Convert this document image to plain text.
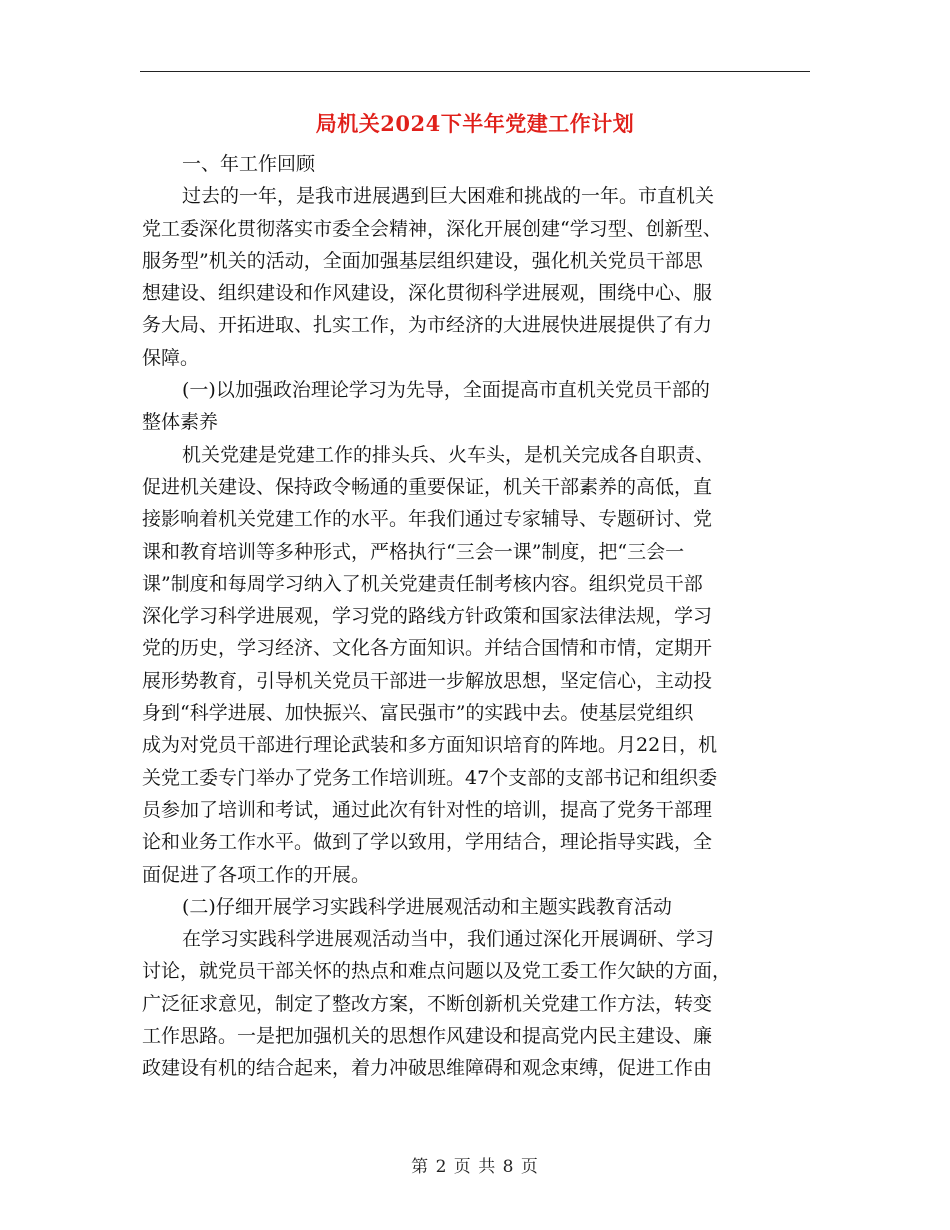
局机关2024下半年党建工作计划
一、年工作回顾
过去的一年，是我市进展遇到巨大困难和挑战的一年。市直机关
党工委深化贯彻落实市委全会精神，深化开展创建“学习型、创新型、
服务型”机关的活动，全面加强基层组织建设，强化机关党员干部思
想建设、组织建设和作风建设，深化贯彻科学进展观，围绕中心、服
务大局、开拓进取、扎实工作，为市经济的大进展快进展提供了有力
保障。
(一)以加强政治理论学习为先导，全面提高市直机关党员干部的
整体素养
机关党建是党建工作的排头兵、火车头，是机关完成各自职责、
促进机关建设、保持政令畅通的重要保证，机关干部素养的高低，直
接影响着机关党建工作的水平。年我们通过专家辅导、专题研讨、党
课和教育培训等多种形式，严格执行“三会一课”制度，把“三会一
课”制度和每周学习纳入了机关党建责任制考核内容。组织党员干部
深化学习科学进展观，学习党的路线方针政策和国家法律法规，学习
党的历史，学习经济、文化各方面知识。并结合国情和市情，定期开
展形势教育，引导机关党员干部进一步解放思想，坚定信心，主动投
身到“科学进展、加快振兴、富民强市”的实践中去。使基层党组织
成为对党员干部进行理论武装和多方面知识培育的阵地。月22日，机
关党工委专门举办了党务工作培训班。47个支部的支部书记和组织委
员参加了培训和考试，通过此次有针对性的培训，提高了党务干部理
论和业务工作水平。做到了学以致用，学用结合，理论指导实践，全
面促进了各项工作的开展。
(二)仔细开展学习实践科学进展观活动和主题实践教育活动
在学习实践科学进展观活动当中，我们通过深化开展调研、学习
讨论，就党员干部关怀的热点和难点问题以及党工委工作欠缺的方面，
广泛征求意见，制定了整改方案，不断创新机关党建工作方法，转变
工作思路。一是把加强机关的思想作风建设和提高党内民主建设、廉
政建设有机的结合起来，着力冲破思维障碍和观念束缚，促进工作由
第 2 页 共 8 页
